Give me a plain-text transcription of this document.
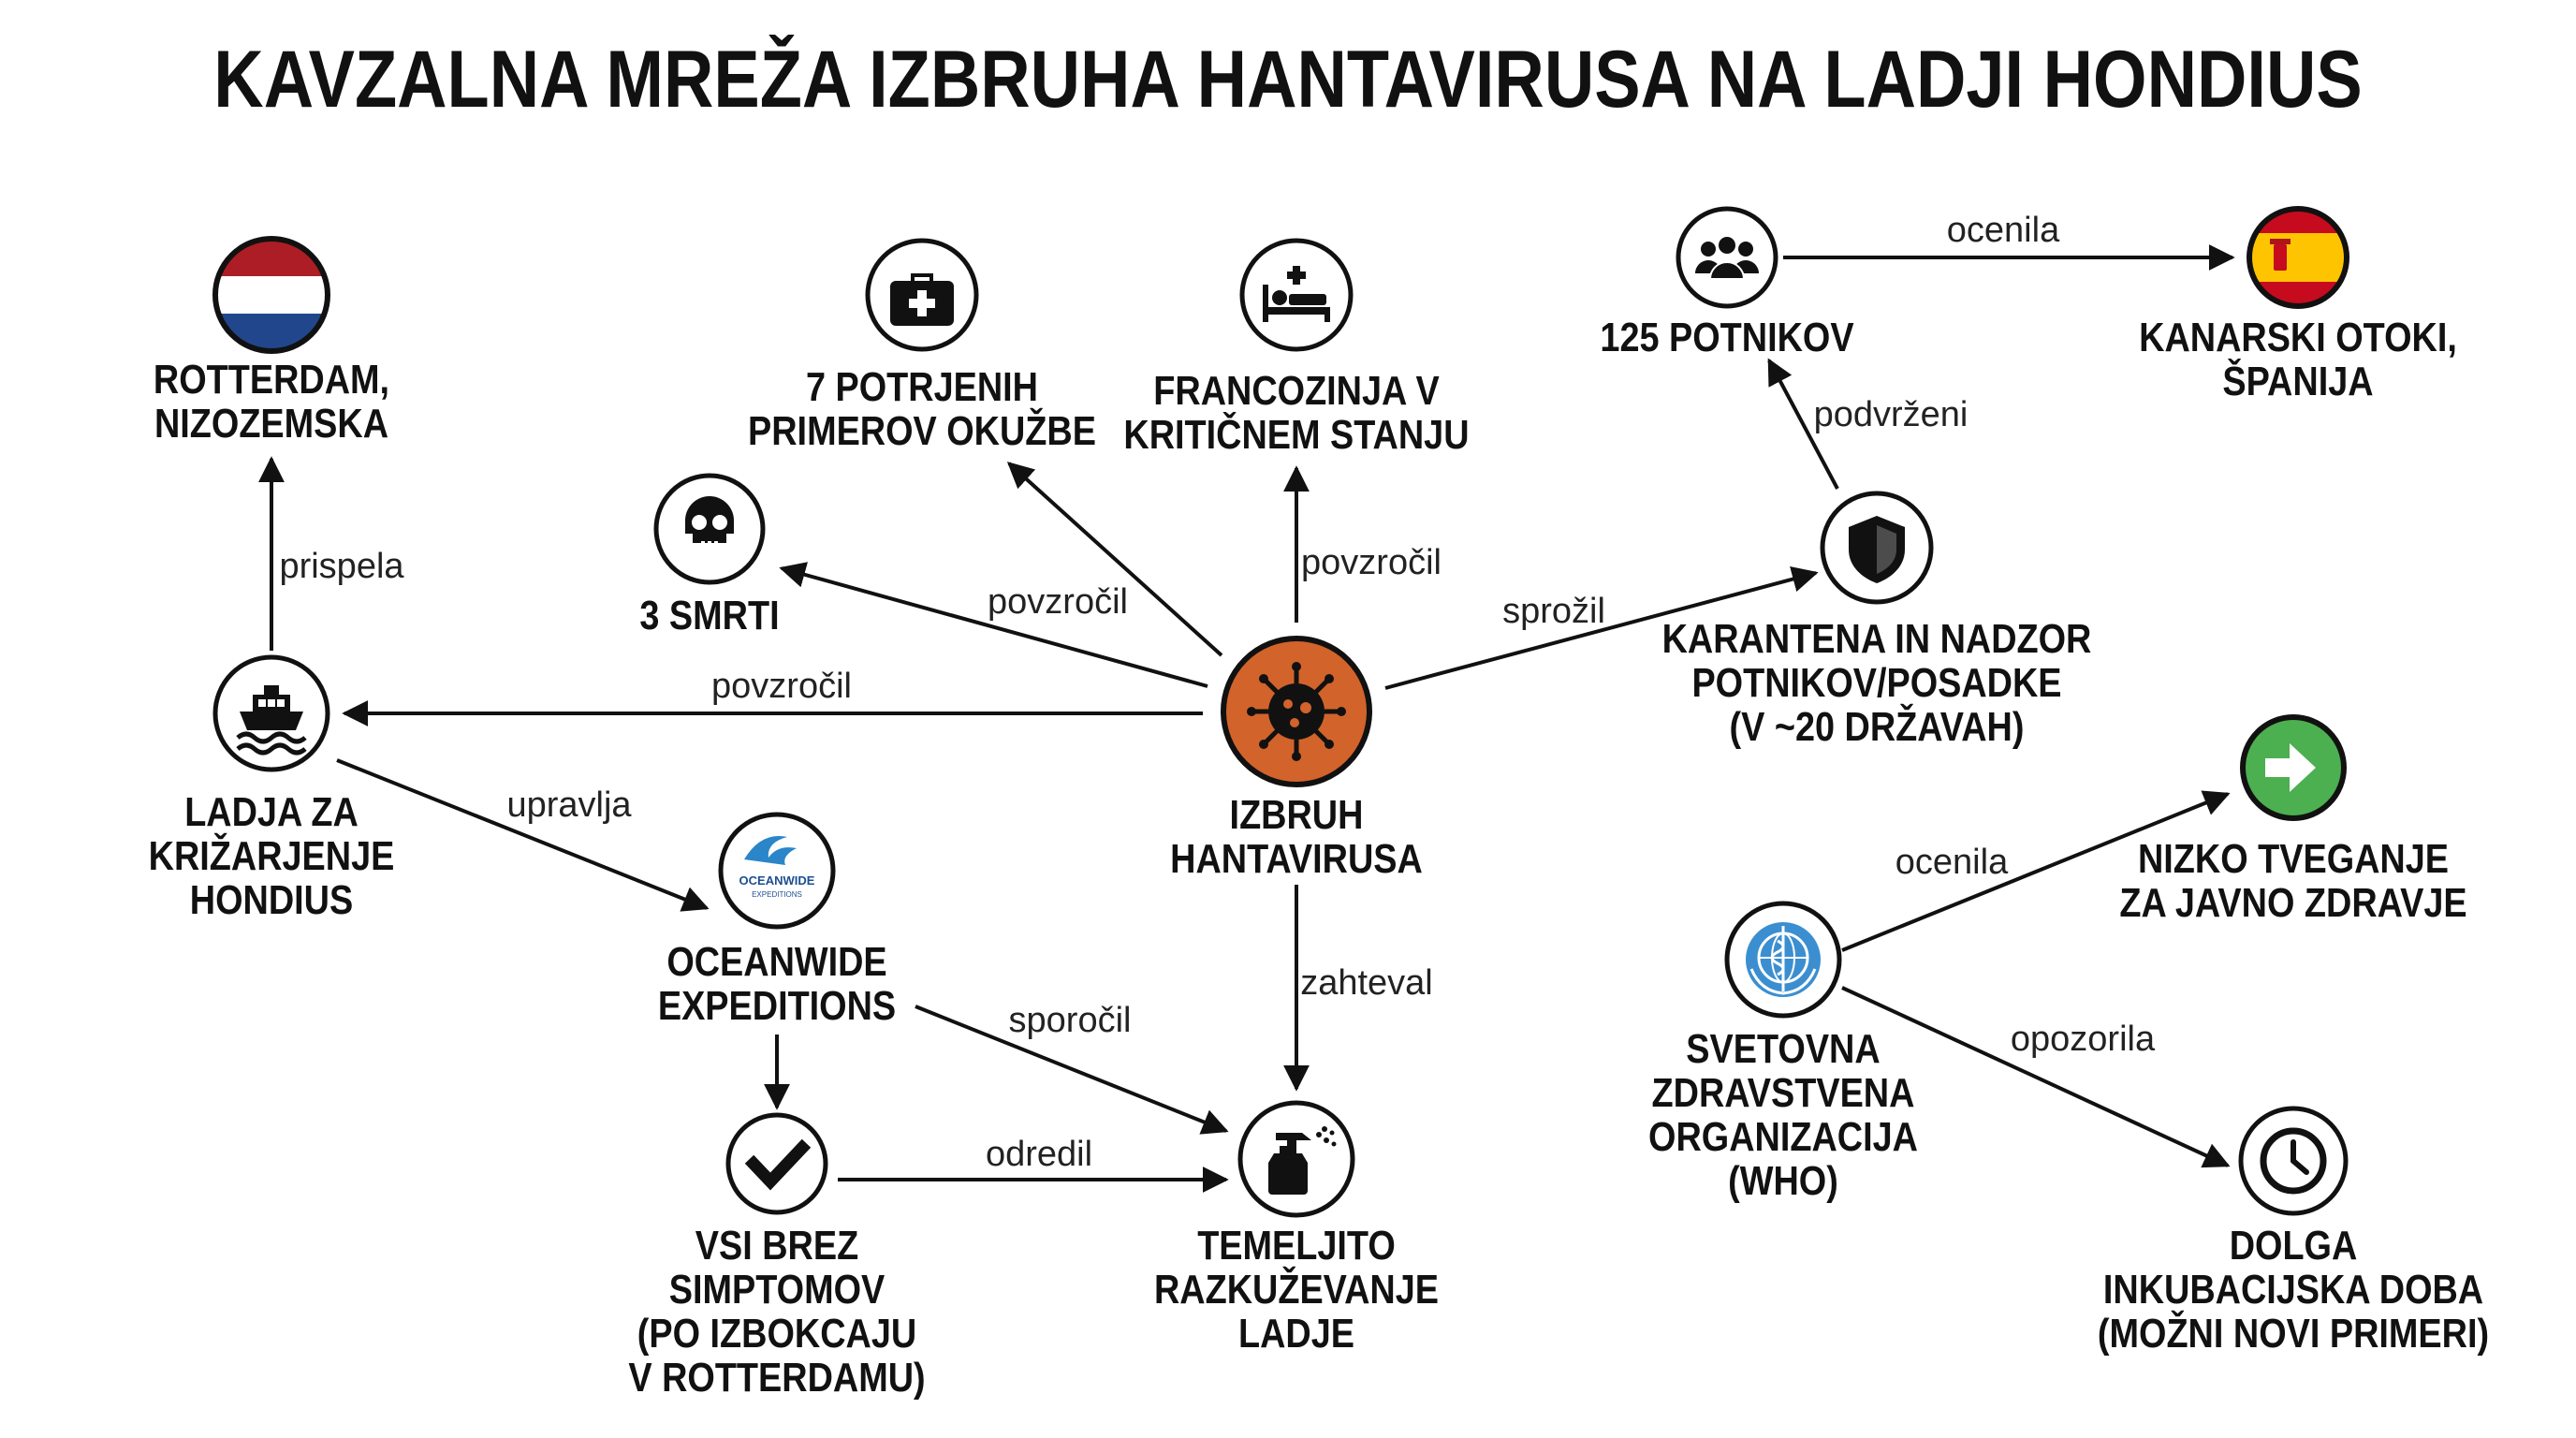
KAVZALNA MREŽA IZBRUHA HANTAVIRUSA NA LADJI HONDIUS
prispela
povzročil
povzročil
povzročil
sprožil
zahteval
upravlja
sporočil
odredil
podvrženi
ocenila
ocenila
opozorila
ROTTERDAM,
NIZOZEMSKA
LADJA ZA
KRIŽARJENJE
HONDIUS	OCEANWIDE
EXPEDITIONS
OCEANWIDE
EXPEDITIONS
VSI BREZ
SIMPTOMOV
(PO IZBOKCAJU
V ROTTERDAMU)
3 SMRTI
7 POTRJENIH
PRIMEROV OKUŽBE
FRANCOZINJA V
KRITIČNEM STANJU
IZBRUH
HANTAVIRUSA
TEMELJITO
RAZKUŽEVANJE
LADJE
KARANTENA IN NADZOR
POTNIKOV/POSADKE
(V ~20 DRŽAVAH)
125 POTNIKOV	KANARSKI OTOKI,
ŠPANIJA
SVETOVNA
ZDRAVSTVENA
ORGANIZACIJA
(WHO)
NIZKO TVEGANJE
ZA JAVNO ZDRAVJE
DOLGA
INKUBACIJSKA DOBA
(MOŽNI NOVI PRIMERI)
